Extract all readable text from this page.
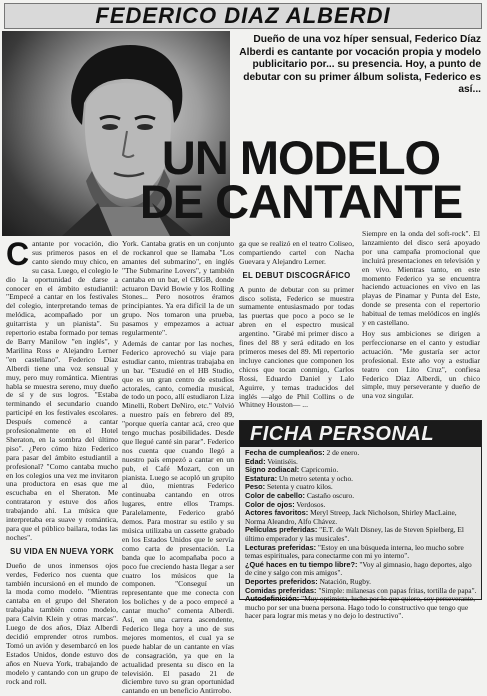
FEDERICO DIAZ ALBERDI
Dueño de una voz híper sensual, Federico Díaz Alberdi es cantante por vocación propia y modelo publicitario por... su presencia. Hoy, a punto de debutar con su primer álbum solista, Federico es así...
UN MODELO
DE CANTANTE

Cantante por vocación, dio sus primeros pasos en el canto siendo muy chico, en su casa. Luego, el colegio le dio la oportunidad de darse a conocer en el ámbito estudiantil: "Empecé a cantar en los festivales del colegio, interpretando temas de melódica, acompañado por un guitarrista y un pianista". Su repertorio estaba formado por temas de Barry Manilow "en inglés", y Marilina Ross e Alejandro Lerner "en castellano". Federico Díaz Alberdi tiene una voz sensual y muy, pero muy romántica. Mientras habla se muestra sereno, muy dueño de sí y de sus logros. "Estaba terminando el secundario cuando participé en los festivales escolares. Después comencé a cantar profesionalmente en el Hotel Sheraton, en la sombra del último piso". ¿Pero cómo hizo Federico para pasar del ámbito estudiantil a profesional? "Como cantaba mucho en los colegios una vez me invitaron una productora en esas que me escuchaba en el Sheraton. Me contrataron y estuve dos años trabajando ahí. La música que interpretaba era suave y romántica, para que el público bailara, todas las noches".

SU VIDA EN NUEVA YORK

Dueño de unos inmensos ojos verdes, Federico nos cuenta que también incursionó en el mundo de la moda como modelo. "Mientras cantaba en el grupo del Sheraton trabajaba también como modelo, para Calvin Klein y otras marcas". Luego de dos años, Díaz Alberdi decidió emprender otros rumbos. Tomó un avión y desembarcó en los Estados Unidos, donde estuvo dos años en Nueva York, trabajando de modelo y cantando con un grupo de rock and roll.

York. Cantaba gratis en un conjunto de rockanrol que se llamaba "Los amantes del submarino", en inglés "The Submarine Lovers", y también cantaba en un bar, el CBGB, donde actuaron David Bowie y los Rolling Stones... Pero nosotros éramos principiantes. Ya era difícil la de un grupo. Nos tomaron una prueba, pasamos y empezamos a actuar regularmente".

Además de cantar por las noches, Federico aprovechó su viaje para estudiar canto, mientras trabajaba en un bar. "Estudié en el HB Studio, que es un gran centro de estudios actorales, canto, comedia musical, de todo un poco, allí estudiaron Liza Minelli, Robert DeNiro, etc." Volvió a nuestro país en febrero del 89, "porque quería cantar acá, creo que tengo muchas posibilidades. Desde que llegué canté sin parar". Federico nos cuenta que cuando llegó a nuestro país empezó a cantar en un pub, el Café Mozart, con un pianista. Luego se acopló un grupito al dúo, mientras Federico continuaba cantando en otros lugares, entre ellos Tramps. Paralelamente, Federico grabó demos. Para mostrar su estilo y su música utilizaba un cassette grabado en los Estados Unidos que le servía como carta de presentación. La banda que lo acompañaba poco a poco fue creciendo hasta llegar a ser cuatro los músicos que la componen. "Conseguí un representante que me conecta con los boliches y de a poco empecé a cantar mucho" comenta Alberdi. Así, en una carrera ascendente, Federico llega hoy a uno de sus mejores momentos, el cual ya se puede hablar de un cantante en vías de consagración, ya que en la actualidad presenta su disco en la televisión. El pasado 21 de diciembre tuvo su gran oportunidad cantando en un beneficio Antirrobo.

ga que se realizó en el teatro Coliseo, compartiendo cartel con Nacha Guevara y Alejandro Lerner.

EL DEBUT DISCOGRÁFICO

A punto de debutar con su primer disco solista, Federico se muestra sumamente entusiasmado por todas las puertas que poco a poco se le abren en el espectro musical argentino. "Grabé mi primer disco a fines del 88 y será editado en los primeros meses del 89. Mi repertorio incluye canciones que componen los chicos que tocan conmigo, Carlos Rossi, Eduardo Daniel y Lalo Aguirre, y temas traducidos del inglés —algo de Phil Collins o de Whitney Houston— ...

Siempre en la onda del soft-rock". El lanzamiento del disco será apoyado por una campaña promocional que incluirá presentaciones en televisión y en vivo. Mientras tanto, en este momento Federico ya se encuentra haciendo actuaciones en vivo en las playas de Pinamar y Punta del Este, donde se presenta con el repertorio habitual de temas melódicos en inglés y en castellano.

Hoy sus ambiciones se dirigen a perfeccionarse en el canto y estudiar actuación. "Me gustaría ser actor profesional. Este año voy a estudiar teatro con Lito Cruz", confiesa Federico Díaz Alberdi, un chico simple, muy perseverante y dueño de una voz singular.

FICHA PERSONAL
Fecha de cumpleaños: 2 de enero.
Edad: Veintiséis.
Signo zodiacal: Capricornio.
Estatura: Un metro setenta y ocho.
Peso: Setenta y cuatro kilos.
Color de cabello: Castaño oscuro.
Color de ojos: Verdosos.
Actores favoritos: Meryl Streep, Jack Nicholson, Shirley MacLaine, Norma Aleandro, Alfo Chávez.
Películas preferidas: "E.T. de Walt Disney, las de Steven Spielberg, El último emperador y las musicales".
Lecturas preferidas: "Estoy en una búsqueda interna, leo mucho sobre temas espirituales, para conectarme con mi yo interno".
¿Qué haces en tu tiempo libre?: "Voy al gimnasio, hago deportes, algo de cine y salgo con mis amigos".
Deportes preferidos: Natación, Rugby.
Comidas preferidas: "Simple: milanesas con papas fritas, tortilla de papa".
Autodefinición: "Muy optimista, lucho por lo que quiero, soy perseverante, mucho por ser una buena persona. Hago todo lo constructivo que tengo que hacer para lograr mis metas y no dejo lo destructivo".
